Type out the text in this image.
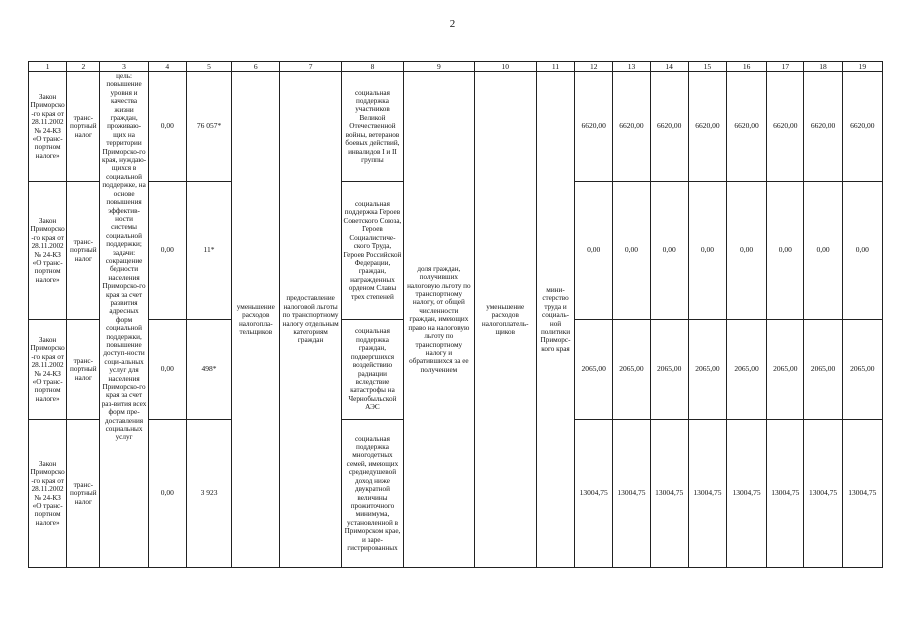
2
1	2	3	4	5	6	7	8	9	10	11	12	13	14	15	16	17	18	19
Закон Приморско-го края от 28.11.2002 № 24-КЗ «О транс-портном налоге»	транс-портный налог	цель: повышение уровня и качества жизни граждан, проживаю-щих на территории Приморско-го края, нуждаю-щихся в социальной поддержке, на основе повышения эффектив-ности системы социальной поддержки; задачи: сокращение бедности населения Приморско-го края за счет развития адресных форм социальной поддержки, повышение доступ-ности соци-альных услуг для населения Приморско-го края за счет раз-вития всех форм пре-доставления социальных услуг	0,00	76 057*	уменьшение расходов налогопла-тельщиков	предоставление налоговой льготы по транспортному налогу отдельным категориям граждан	социальная поддержка участников Великой Отечественной войны, ветеранов боевых действий, инвалидов I и II группы	доля граждан, получивших налоговую льготу по транспортному налогу, от общей численности граждан, имеющих право на налоговую льготу по транспортному налогу и обратившихся за ее получением	уменьшение расходов налогоплатель-щиков	мини-стерство труда и социаль-ной политики Приморс-кого края	6620,00	6620,00	6620,00	6620,00	6620,00	6620,00	6620,00	6620,00
Закон Приморско-го края от 28.11.2002 № 24-КЗ «О транс-портном налоге»	транс-портный налог		0,00	11*			социальная поддержка Героев Советского Союза, Героев Социалистиче-ского Труда, Героев Российской Федерации, граждан, награжденных орденом Славы трех степеней				0,00	0,00	0,00	0,00	0,00	0,00	0,00	0,00
Закон Приморско-го края от 28.11.2002 № 24-КЗ «О транс-портном налоге»	транс-портный налог		0,00	498*			социальная поддержка граждан, подвергшихся воздействию радиации вследствие катастрофы на Чернобыльской АЭС				2065,00	2065,00	2065,00	2065,00	2065,00	2065,00	2065,00	2065,00
Закон Приморско-го края от 28.11.2002 № 24-КЗ «О транс-портном налоге»	транс-портный налог		0,00	3 923			социальная поддержка многодетных семей, имеющих среднедушевой доход ниже двукратной величины прожиточного минимума, установленной в Приморском крае, и заре-гистрированных				13004,75	13004,75	13004,75	13004,75	13004,75	13004,75	13004,75	13004,75
